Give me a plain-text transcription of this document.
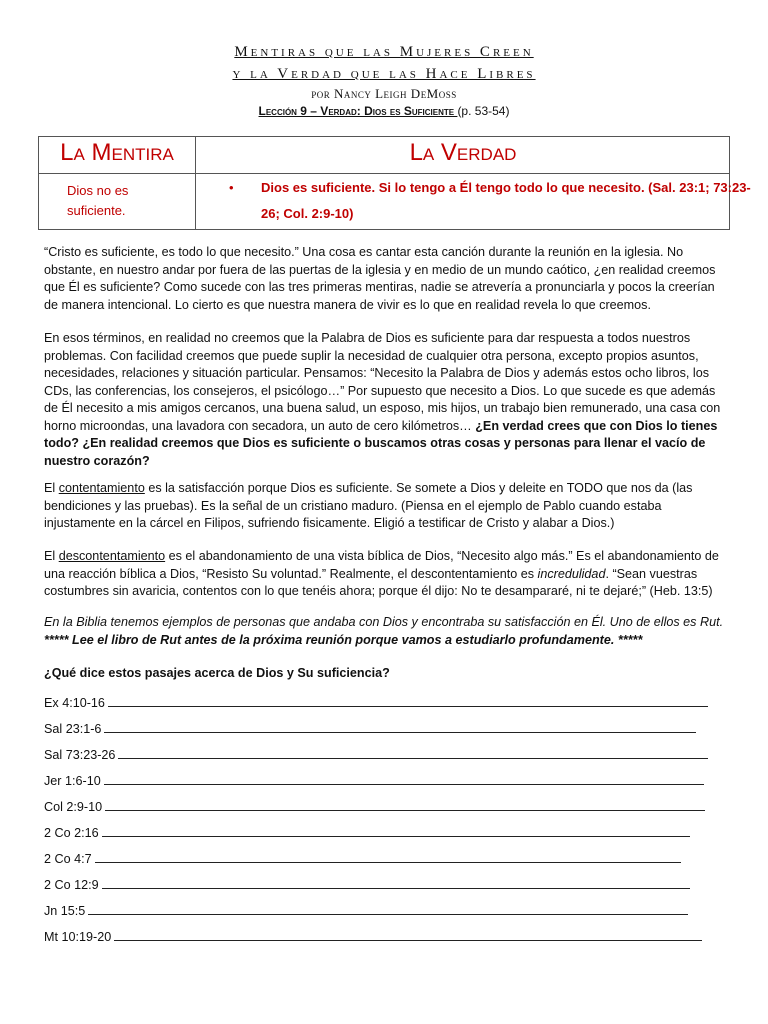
Mentiras que las Mujeres Creen
y la Verdad que las Hace Libres
por Nancy Leigh DeMoss
Lección 9 – Verdad: Dios es Suficiente (p. 53-54)
La Mentira	La Verdad
Dios no es suficiente.
•	Dios es suficiente. Si lo tengo a Él tengo todo lo que necesito. (Sal. 23:1; 73:23-26; Col. 2:9-10)
“Cristo es suficiente, es todo lo que necesito.” Una cosa es cantar esta canción durante la reunión en la iglesia. No obstante, en nuestro andar por fuera de las puertas de la iglesia y en medio de un mundo caótico, ¿en realidad creemos que Él es suficiente? Como sucede con las tres primeras mentiras, nadie se atrevería a pronunciarla y pocos la creerían de manera intencional. Lo cierto es que nuestra manera de vivir es lo que en realidad revela lo que creemos.
En esos términos, en realidad no creemos que la Palabra de Dios es suficiente para dar respuesta a todos nuestros problemas. Con facilidad creemos que puede suplir la necesidad de cualquier otra persona, excepto propios asuntos, necesidades, relaciones y situación particular. Pensamos: “Necesito la Palabra de Dios y además estos ocho libros, los CDs, las conferencias, los consejeros, el psicólogo…” Por supuesto que necesito a Dios. Lo que sucede es que además de Él necesito a mis amigos cercanos, una buena salud, un esposo, mis hijos, un trabajo bien remunerado, una casa con horno microondas, una lavadora con secadora, un auto de cero kilómetros… ¿En verdad crees que con Dios lo tienes todo? ¿En realidad creemos que Dios es suficiente o buscamos otras cosas y personas para llenar el vacío de nuestro corazón?
El contentamiento es la satisfacción porque Dios es suficiente. Se somete a Dios y deleite en TODO que nos da (las bendiciones y las pruebas). Es la señal de un cristiano maduro. (Piensa en el ejemplo de Pablo cuando estaba injustamente en la cárcel en Filipos, sufriendo fisicamente. Eligió a testificar de Cristo y alabar a Dios.)
El descontentamiento es el abandonamiento de una vista bíblica de Dios, “Necesito algo más.” Es el abandonamiento de una reacción bíblica a Dios, “Resisto Su voluntad.” Realmente, el descontentamiento es incredulidad. “Sean vuestras costumbres sin avaricia, contentos con lo que tenéis ahora; porque él dijo: No te desampararé, ni te dejaré;” (Heb. 13:5)
En la Biblia tenemos ejemplos de personas que andaba con Dios y encontraba su satisfacción en Él. Uno de ellos es Rut.
***** Lee el libro de Rut antes de la próxima reunión porque vamos a estudiarlo profundamente. *****
¿Qué dice estos pasajes acerca de Dios y Su suficiencia?
Ex 4:10-16
Sal 23:1-6
Sal 73:23-26
Jer 1:6-10
Col 2:9-10
2 Co 2:16
2 Co 4:7
2 Co 12:9
Jn 15:5
Mt 10:19-20
